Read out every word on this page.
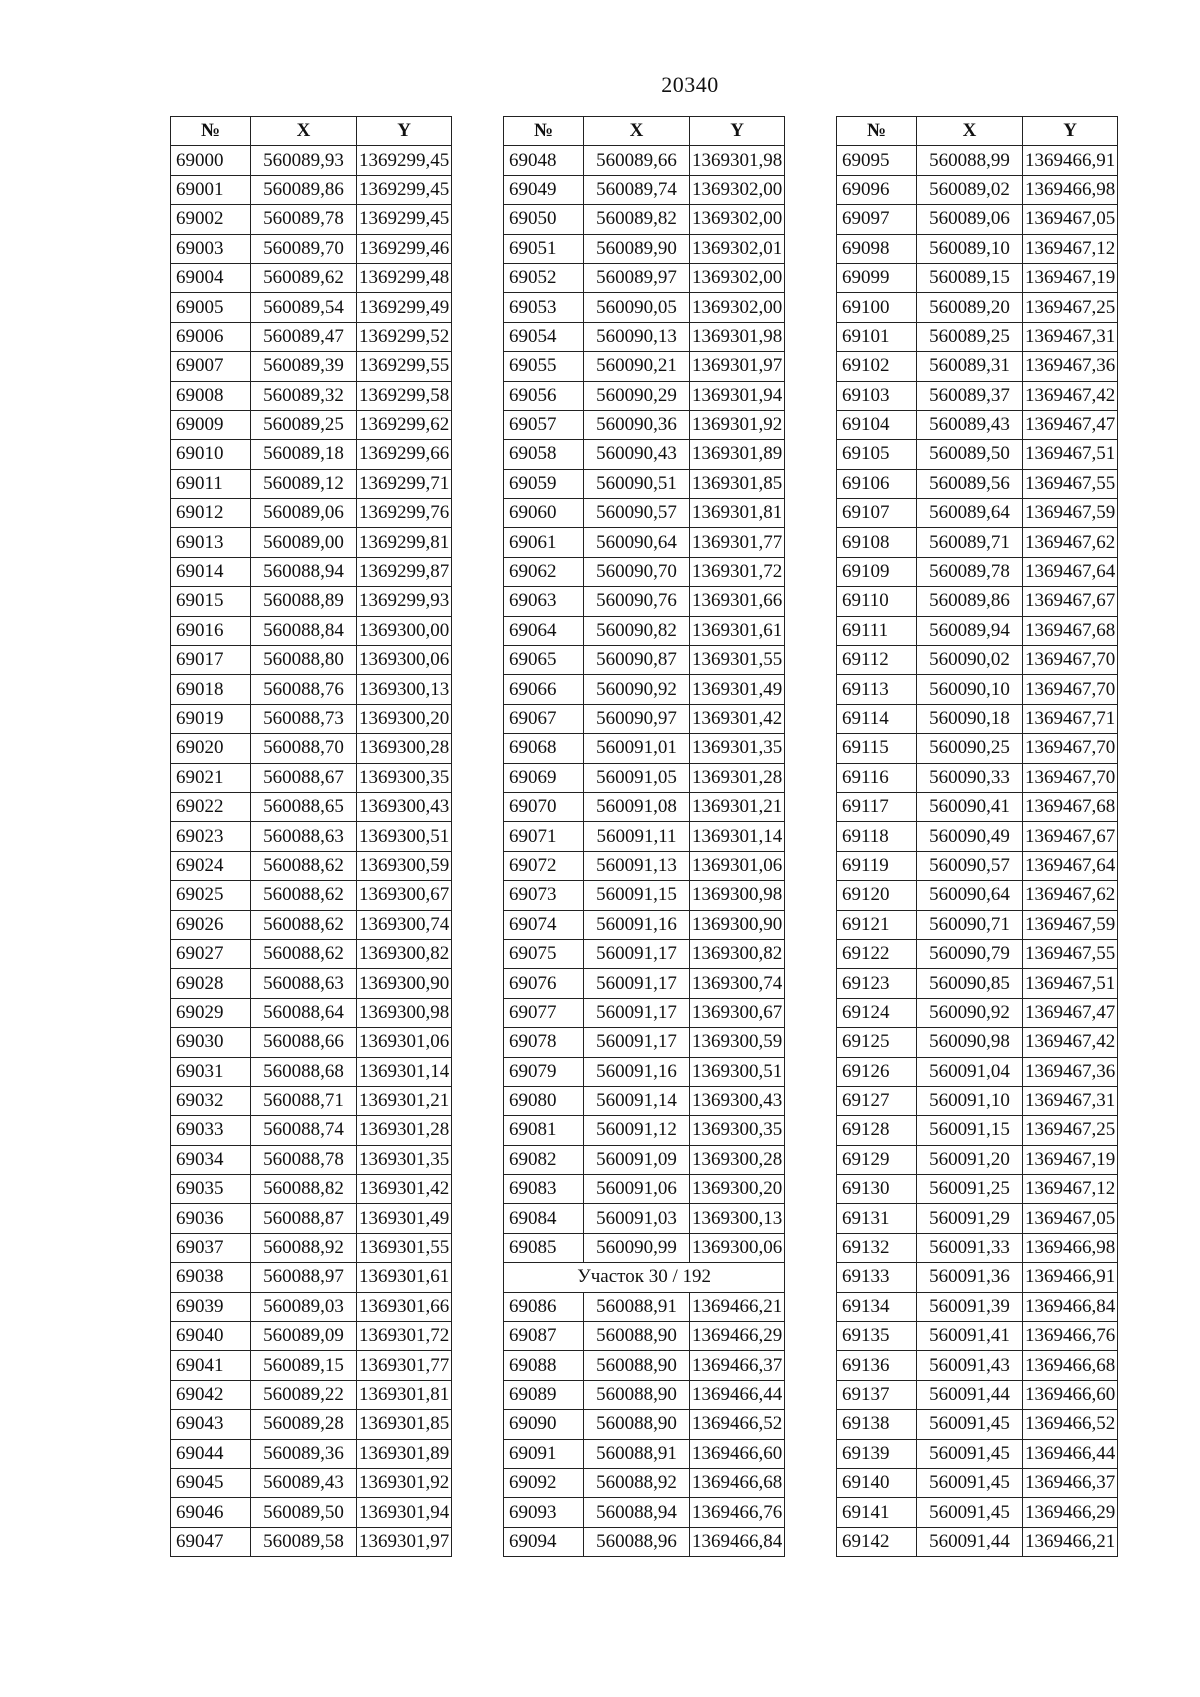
20340
№	X	Y
69000	560089,93	1369299,45
69001	560089,86	1369299,45
69002	560089,78	1369299,45
69003	560089,70	1369299,46
69004	560089,62	1369299,48
69005	560089,54	1369299,49
69006	560089,47	1369299,52
69007	560089,39	1369299,55
69008	560089,32	1369299,58
69009	560089,25	1369299,62
69010	560089,18	1369299,66
69011	560089,12	1369299,71
69012	560089,06	1369299,76
69013	560089,00	1369299,81
69014	560088,94	1369299,87
69015	560088,89	1369299,93
69016	560088,84	1369300,00
69017	560088,80	1369300,06
69018	560088,76	1369300,13
69019	560088,73	1369300,20
69020	560088,70	1369300,28
69021	560088,67	1369300,35
69022	560088,65	1369300,43
69023	560088,63	1369300,51
69024	560088,62	1369300,59
69025	560088,62	1369300,67
69026	560088,62	1369300,74
69027	560088,62	1369300,82
69028	560088,63	1369300,90
69029	560088,64	1369300,98
69030	560088,66	1369301,06
69031	560088,68	1369301,14
69032	560088,71	1369301,21
69033	560088,74	1369301,28
69034	560088,78	1369301,35
69035	560088,82	1369301,42
69036	560088,87	1369301,49
69037	560088,92	1369301,55
69038	560088,97	1369301,61
69039	560089,03	1369301,66
69040	560089,09	1369301,72
69041	560089,15	1369301,77
69042	560089,22	1369301,81
69043	560089,28	1369301,85
69044	560089,36	1369301,89
69045	560089,43	1369301,92
69046	560089,50	1369301,94
69047	560089,58	1369301,97
№	X	Y
69048	560089,66	1369301,98
69049	560089,74	1369302,00
69050	560089,82	1369302,00
69051	560089,90	1369302,01
69052	560089,97	1369302,00
69053	560090,05	1369302,00
69054	560090,13	1369301,98
69055	560090,21	1369301,97
69056	560090,29	1369301,94
69057	560090,36	1369301,92
69058	560090,43	1369301,89
69059	560090,51	1369301,85
69060	560090,57	1369301,81
69061	560090,64	1369301,77
69062	560090,70	1369301,72
69063	560090,76	1369301,66
69064	560090,82	1369301,61
69065	560090,87	1369301,55
69066	560090,92	1369301,49
69067	560090,97	1369301,42
69068	560091,01	1369301,35
69069	560091,05	1369301,28
69070	560091,08	1369301,21
69071	560091,11	1369301,14
69072	560091,13	1369301,06
69073	560091,15	1369300,98
69074	560091,16	1369300,90
69075	560091,17	1369300,82
69076	560091,17	1369300,74
69077	560091,17	1369300,67
69078	560091,17	1369300,59
69079	560091,16	1369300,51
69080	560091,14	1369300,43
69081	560091,12	1369300,35
69082	560091,09	1369300,28
69083	560091,06	1369300,20
69084	560091,03	1369300,13
69085	560090,99	1369300,06
Участок 30 / 192		
69086	560088,91	1369466,21
69087	560088,90	1369466,29
69088	560088,90	1369466,37
69089	560088,90	1369466,44
69090	560088,90	1369466,52
69091	560088,91	1369466,60
69092	560088,92	1369466,68
69093	560088,94	1369466,76
69094	560088,96	1369466,84
№	X	Y
69095	560088,99	1369466,91
69096	560089,02	1369466,98
69097	560089,06	1369467,05
69098	560089,10	1369467,12
69099	560089,15	1369467,19
69100	560089,20	1369467,25
69101	560089,25	1369467,31
69102	560089,31	1369467,36
69103	560089,37	1369467,42
69104	560089,43	1369467,47
69105	560089,50	1369467,51
69106	560089,56	1369467,55
69107	560089,64	1369467,59
69108	560089,71	1369467,62
69109	560089,78	1369467,64
69110	560089,86	1369467,67
69111	560089,94	1369467,68
69112	560090,02	1369467,70
69113	560090,10	1369467,70
69114	560090,18	1369467,71
69115	560090,25	1369467,70
69116	560090,33	1369467,70
69117	560090,41	1369467,68
69118	560090,49	1369467,67
69119	560090,57	1369467,64
69120	560090,64	1369467,62
69121	560090,71	1369467,59
69122	560090,79	1369467,55
69123	560090,85	1369467,51
69124	560090,92	1369467,47
69125	560090,98	1369467,42
69126	560091,04	1369467,36
69127	560091,10	1369467,31
69128	560091,15	1369467,25
69129	560091,20	1369467,19
69130	560091,25	1369467,12
69131	560091,29	1369467,05
69132	560091,33	1369466,98
69133	560091,36	1369466,91
69134	560091,39	1369466,84
69135	560091,41	1369466,76
69136	560091,43	1369466,68
69137	560091,44	1369466,60
69138	560091,45	1369466,52
69139	560091,45	1369466,44
69140	560091,45	1369466,37
69141	560091,45	1369466,29
69142	560091,44	1369466,21
